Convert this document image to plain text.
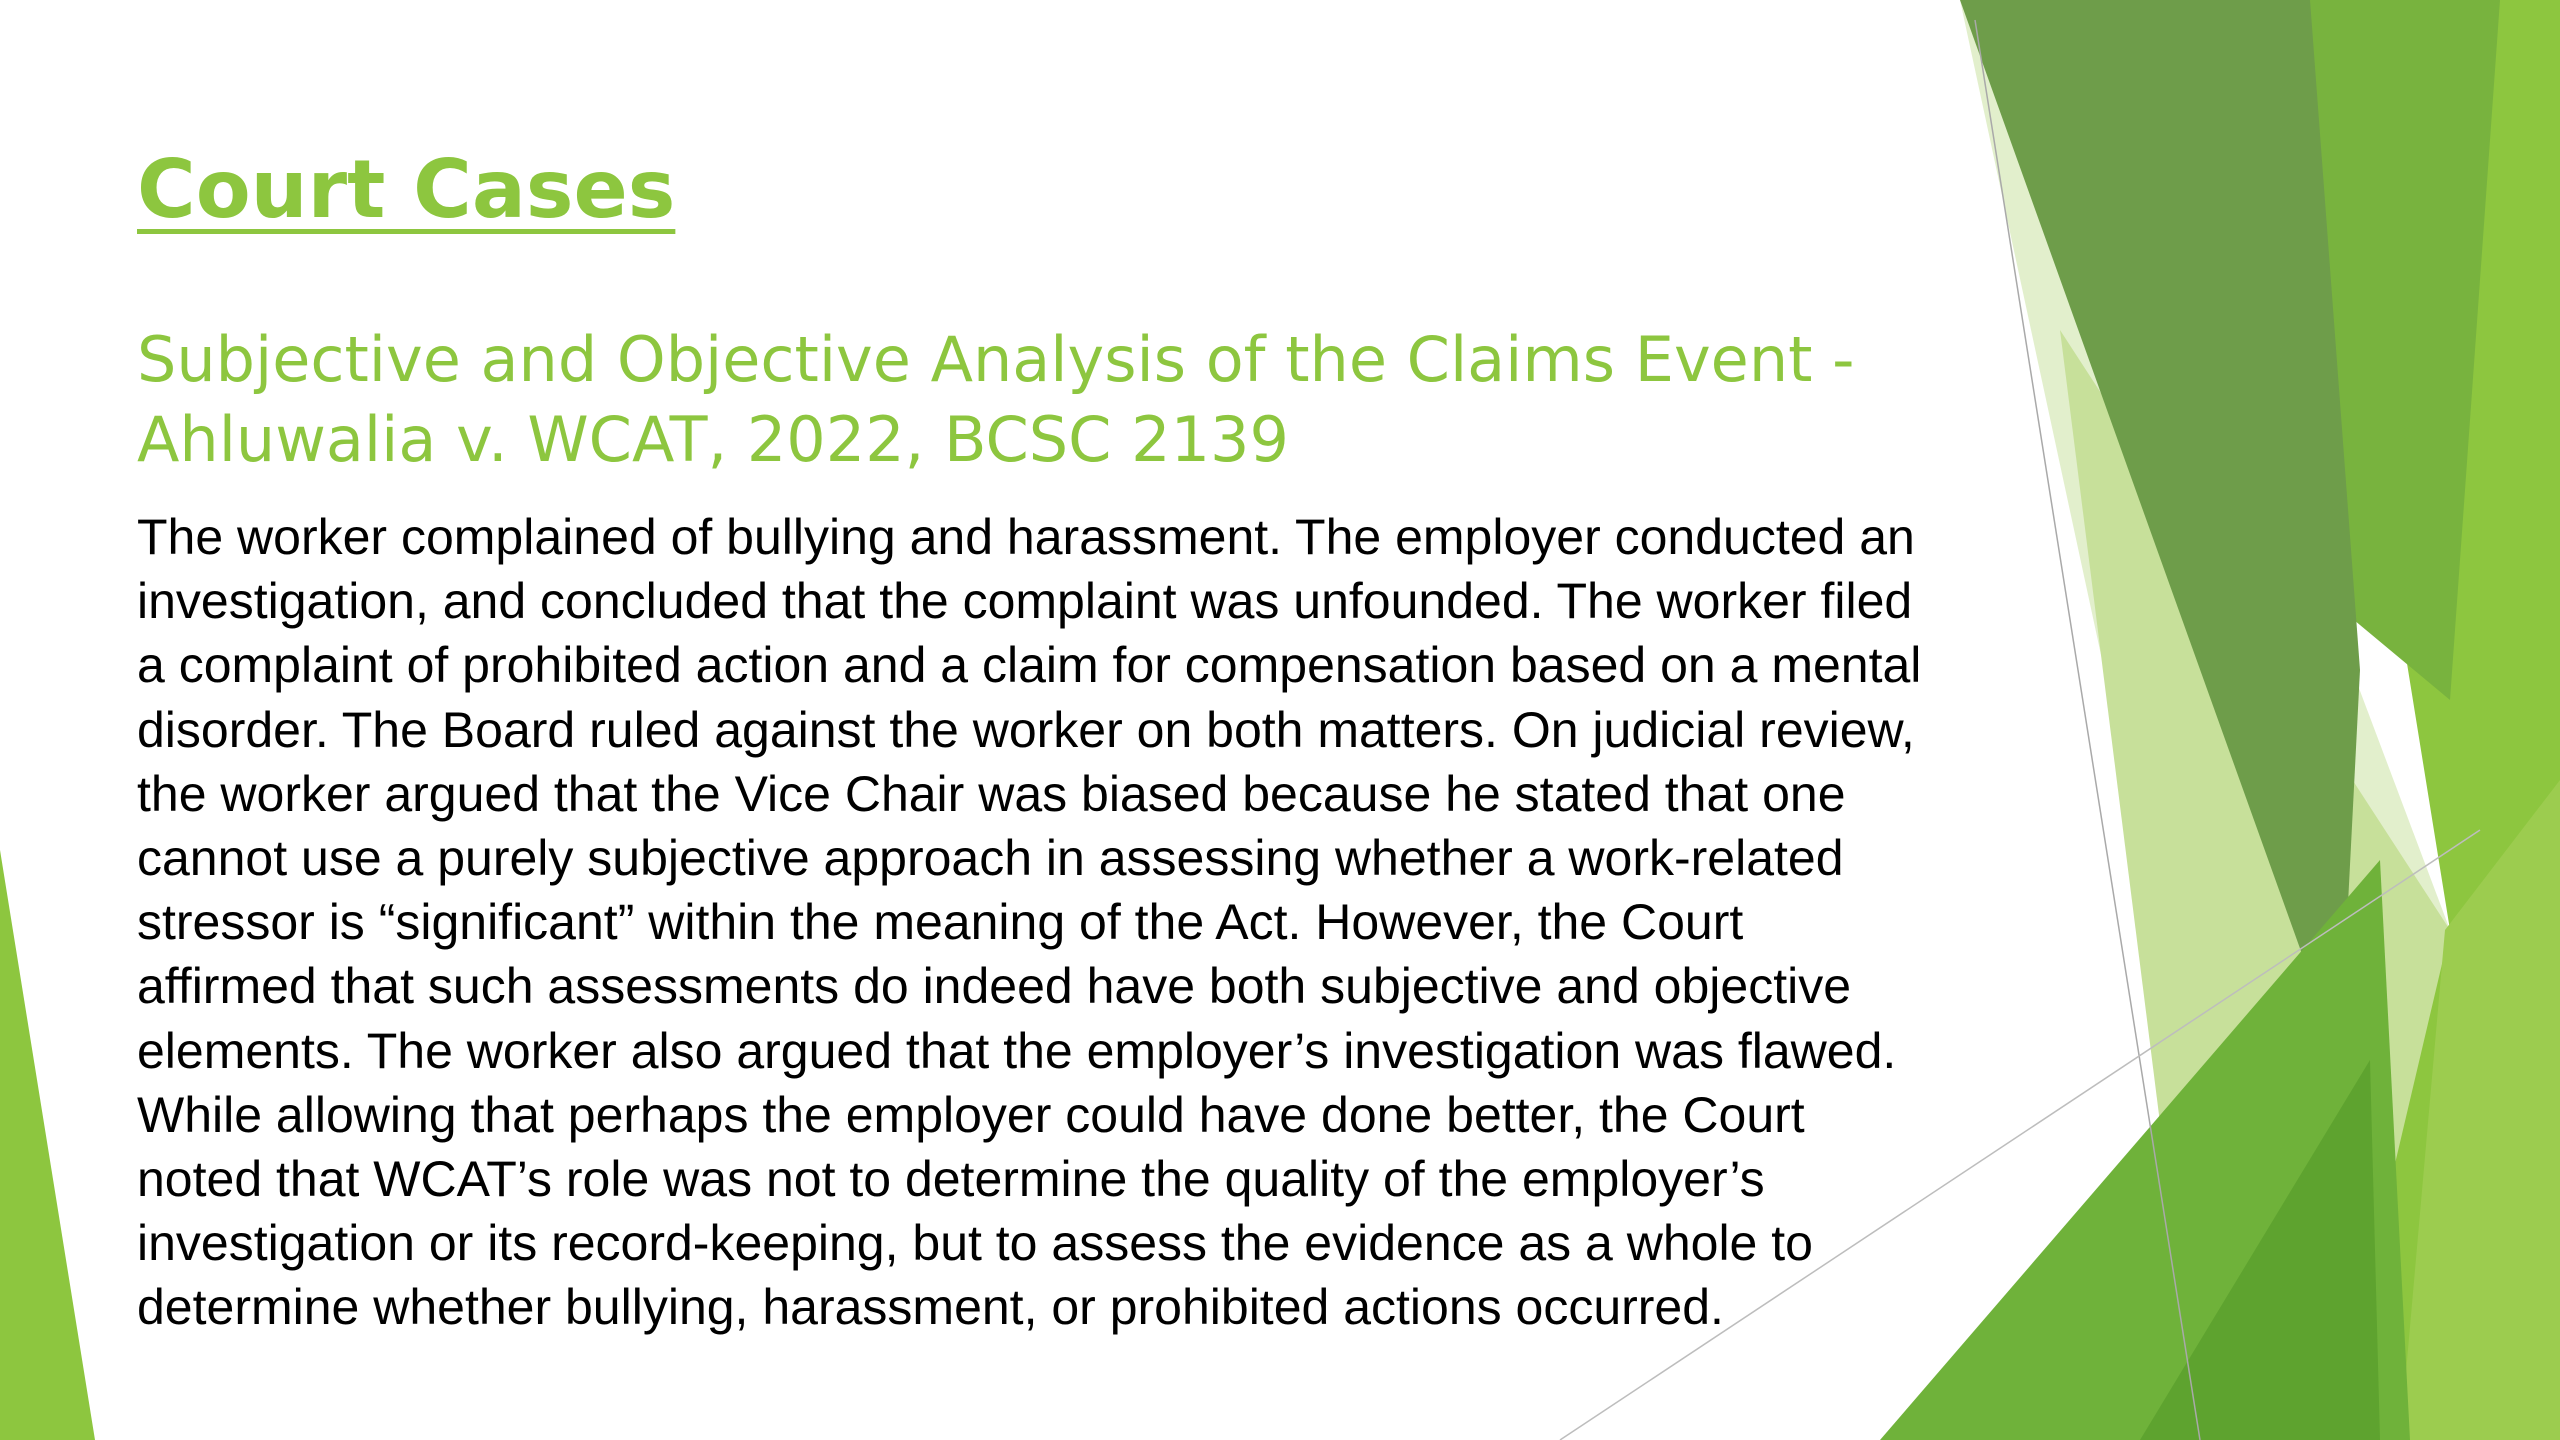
Court Cases
Subjective and Objective Analysis of the Claims Event - Ahluwalia v. WCAT, 2022, BCSC 2139

The worker complained of bullying and harassment. The employer conducted an investigation, and concluded that the complaint was unfounded. The worker filed a complaint of prohibited action and a claim for compensation based on a mental disorder. The Board ruled against the worker on both matters. On judicial review, the worker argued that the Vice Chair was biased because he stated that one cannot use a purely subjective approach in assessing whether a work-related stressor is “significant” within the meaning of the Act. However, the Court affirmed that such assessments do indeed have both subjective and objective elements. The worker also argued that the employer’s investigation was flawed. While allowing that perhaps the employer could have done better, the Court noted that WCAT’s role was not to determine the quality of the employer’s investigation or its record-keeping, but to assess the evidence as a whole to determine whether bullying, harassment, or prohibited actions occurred.
